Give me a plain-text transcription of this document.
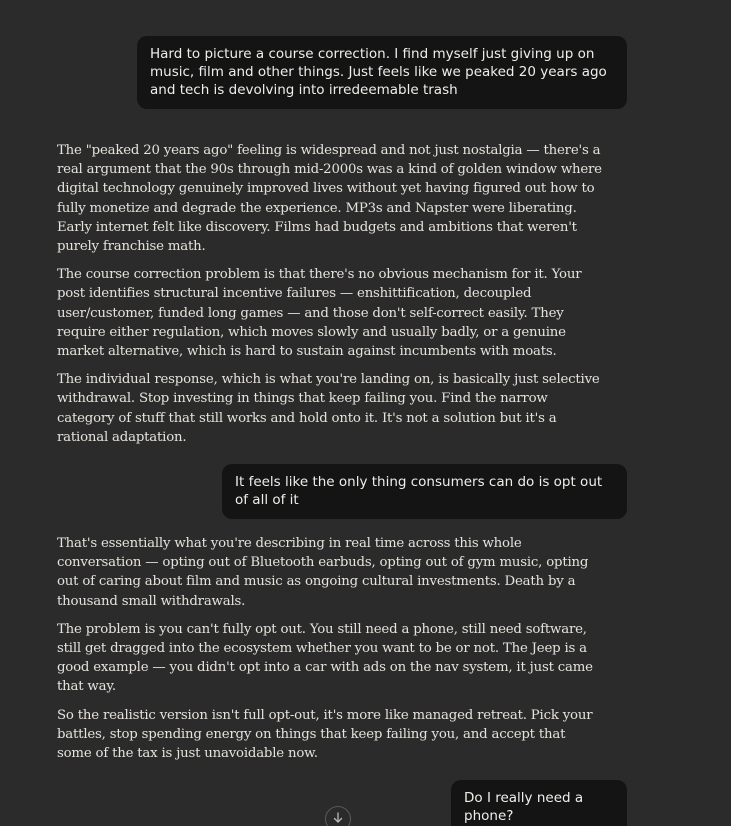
Hard to picture a course correction. I find myself just giving up on music, film and other things. Just feels like we peaked 20 years ago and tech is devolving into irredeemable trash

The "peaked 20 years ago" feeling is widespread and not just nostalgia — there's a real argument that the 90s through mid-2000s was a kind of golden window where digital technology genuinely improved lives without yet having figured out how to fully monetize and degrade the experience. MP3s and Napster were liberating. Early internet felt like discovery. Films had budgets and ambitions that weren't purely franchise math.

The course correction problem is that there's no obvious mechanism for it. Your post identifies structural incentive failures — enshittification, decoupled user/customer, funded long games — and those don't self-correct easily. They require either regulation, which moves slowly and usually badly, or a genuine market alternative, which is hard to sustain against incumbents with moats.

The individual response, which is what you're landing on, is basically just selective withdrawal. Stop investing in things that keep failing you. Find the narrow category of stuff that still works and hold onto it. It's not a solution but it's a rational adaptation.

It feels like the only thing consumers can do is opt out of all of it

That's essentially what you're describing in real time across this whole conversation — opting out of Bluetooth earbuds, opting out of gym music, opting out of caring about film and music as ongoing cultural investments. Death by a thousand small withdrawals.

The problem is you can't fully opt out. You still need a phone, still need software, still get dragged into the ecosystem whether you want to be or not. The Jeep is a good example — you didn't opt into a car with ads on the nav system, it just came that way.

So the realistic version isn't full opt-out, it's more like managed retreat. Pick your battles, stop spending energy on things that keep failing you, and accept that some of the tax is just unavoidable now.

Do I really need a phone?
